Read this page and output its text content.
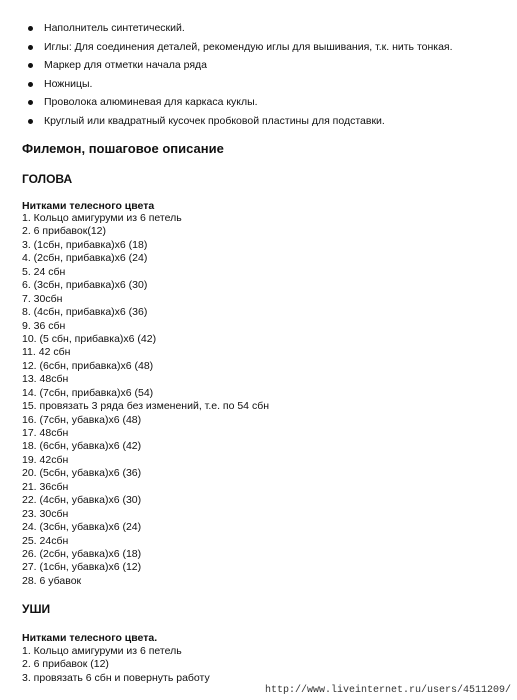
Наполнитель синтетический.
Иглы: Для соединения деталей, рекомендую иглы для вышивания, т.к. нить тонкая.
Маркер для отметки начала ряда
Ножницы.
Проволока алюминевая для каркаса куклы.
Круглый или квадратный кусочек пробковой пластины для подставки.
Филемон, пошаговое описание
ГОЛОВА
Нитками телесного цвета
1. Кольцо амигуруми из 6 петель
2. 6 прибавок(12)
3. (1сбн, прибавка)х6 (18)
4. (2сбн, прибавка)х6 (24)
5. 24 сбн
6. (3сбн, прибавка)х6 (30)
7. 30сбн
8. (4сбн, прибавка)х6 (36)
9. 36 сбн
10. (5 сбн, прибавка)х6 (42)
11. 42 сбн
12. (6сбн, прибавка)х6 (48)
13. 48сбн
14. (7сбн, прибавка)х6 (54)
15. провязать 3 ряда без изменений, т.е. по 54 сбн
16. (7сбн, убавка)х6 (48)
17. 48сбн
18. (6сбн, убавка)х6 (42)
19. 42сбн
20. (5сбн, убавка)х6 (36)
21. 36сбн
22. (4сбн, убавка)х6 (30)
23. 30сбн
24. (3сбн, убавка)х6 (24)
25. 24сбн
26. (2сбн, убавка)х6 (18)
27. (1сбн, убавка)х6 (12)
28. 6 убавок
УШИ
Нитками телесного цвета.
1. Кольцо амигуруми из 6 петель
2. 6 прибавок (12)
3. провязать 6 сбн и повернуть работу
http://www.liveinternet.ru/users/4511209/
